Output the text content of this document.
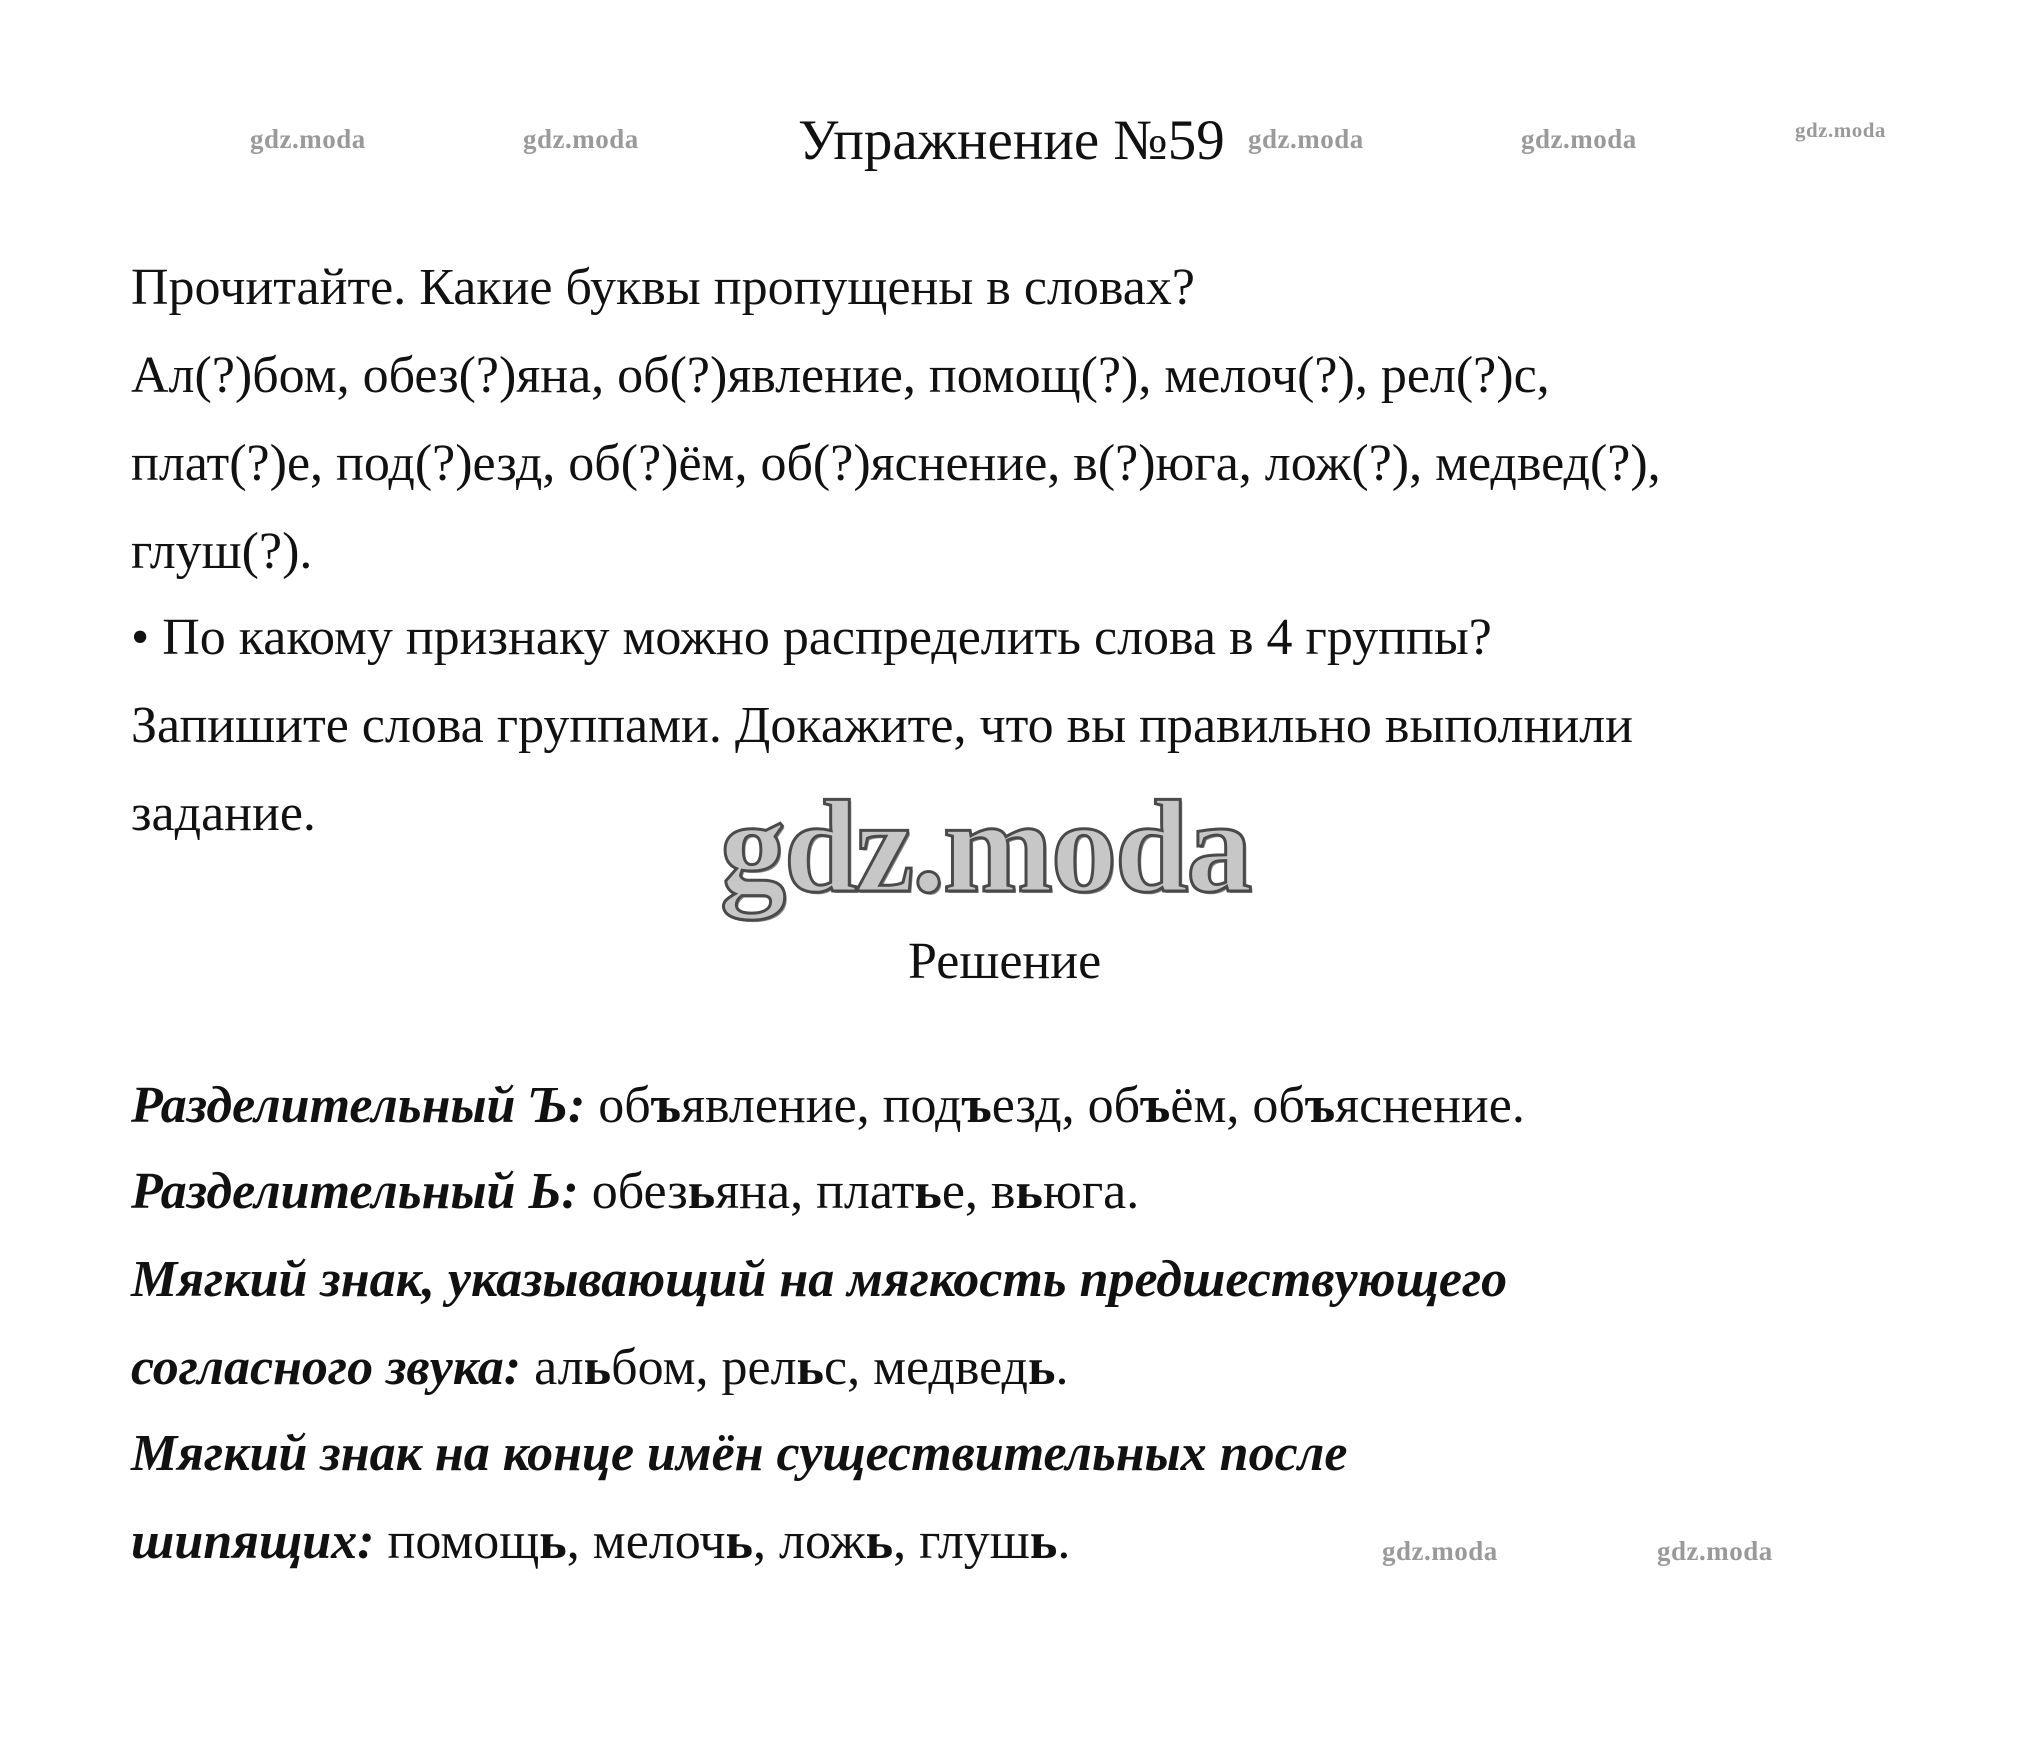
gdz.moda	gdz.moda	gdz.moda	gdz.moda	gdz.moda
gdz.moda	gdz.moda
Упражнение №59
Прочитайте. Какие буквы пропущены в словах?
Ал(?)бом, обез(?)яна, об(?)явление, помощ(?), мелоч(?), рел(?)с,
плат(?)е, под(?)езд, об(?)ём, об(?)яснение, в(?)юга, лож(?), медвед(?),
глуш(?).
• По какому признаку можно распределить слова в 4 группы?
Запишите слова группами. Докажите, что вы правильно выполнили
задание.	gdz.moda
Решение
Разделительный Ъ: объявление, подъезд, объём, объяснение.
Разделительный Ь: обезьяна, платье, вьюга.
Мягкий знак, указывающий на мягкость предшествующего
согласного звука: альбом, рельс, медведь.
Мягкий знак на конце имён существительных после
шипящих: помощь, мелочь, ложь, глушь.
